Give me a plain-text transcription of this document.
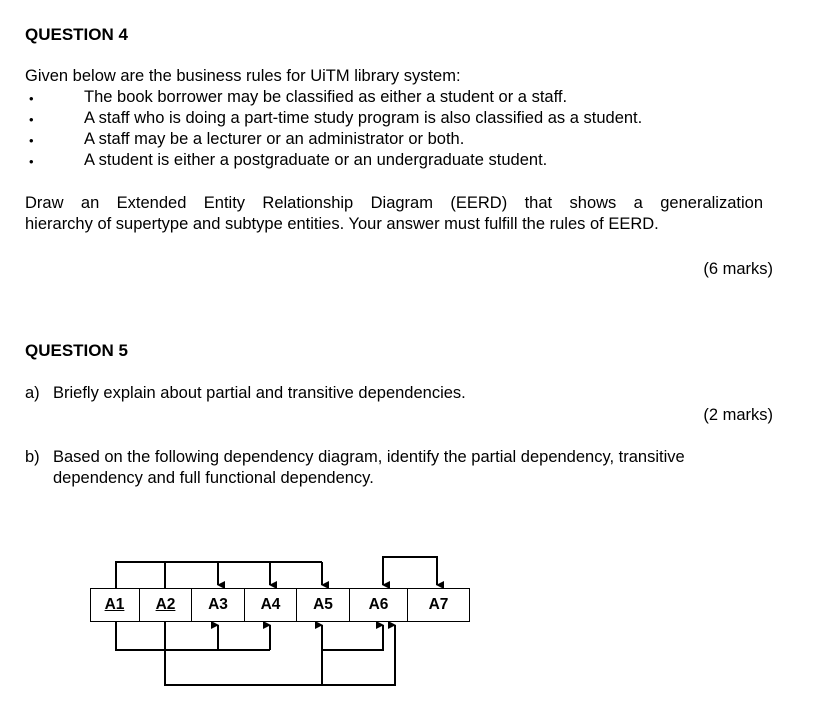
QUESTION 4
Given below are the business rules for UiTM library system:
•	The book borrower may be classified as either a student or a staff.
•	A staff who is doing a part-time study program is also classified as a student.
•	A staff may be a lecturer or an administrator or both.
•	A student is either a postgraduate or an undergraduate student.
Draw an Extended Entity Relationship Diagram (EERD) that shows a generalization
hierarchy of supertype and subtype entities. Your answer must fulfill the rules of EERD.
(6 marks)
QUESTION 5
a) Briefly explain about partial and transitive dependencies.
(2 marks)
b) Based on the following dependency diagram, identify the partial dependency, transitive
dependency and full functional dependency.
A1	A2	A3	A4	A5	A6	A7
